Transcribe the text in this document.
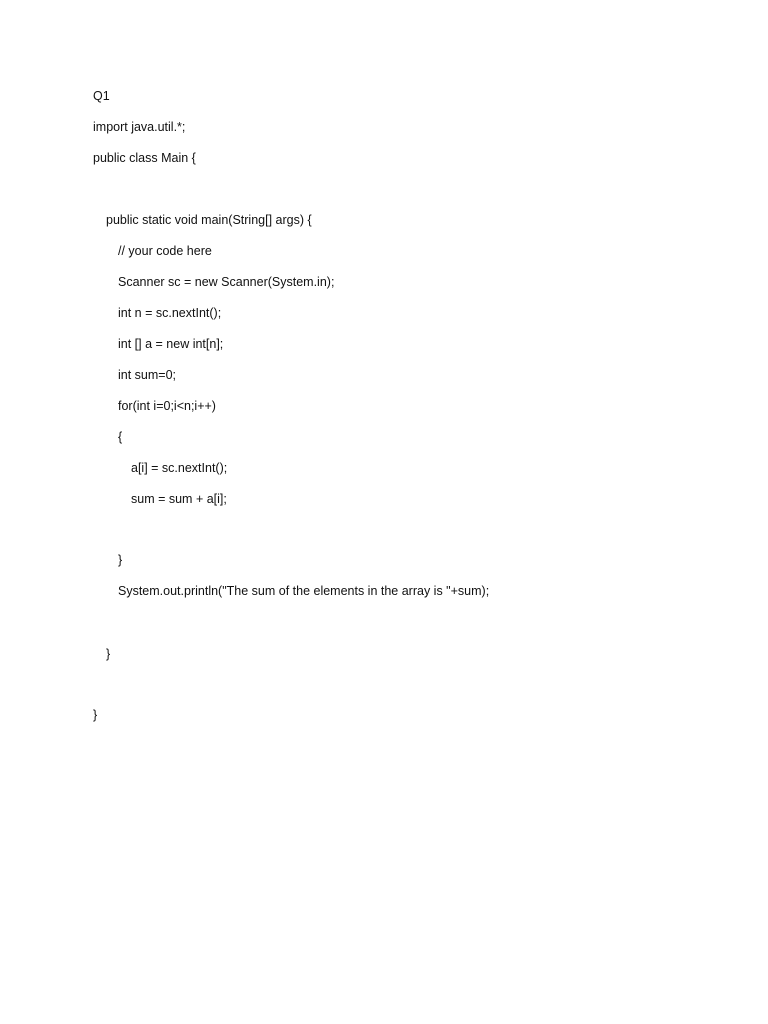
Q1
import java.util.*;
public class Main {
public static void main(String[] args) {
// your code here
Scanner sc = new Scanner(System.in);
int n = sc.nextInt();
int [] a = new int[n];
int sum=0;
for(int i=0;i<n;i++)
{
a[i] = sc.nextInt();
sum = sum + a[i];
}
System.out.println("The sum of the elements in the array is "+sum);
}
}
